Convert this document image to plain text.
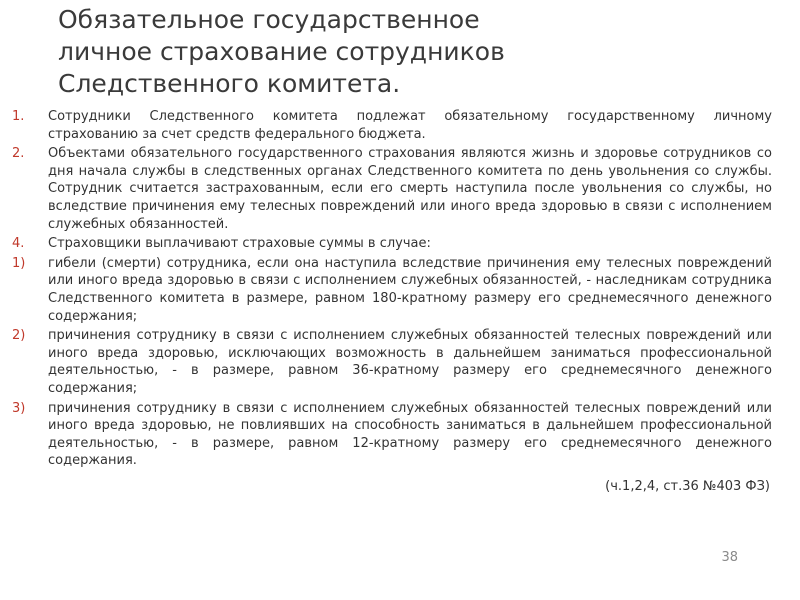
Обязательное государственное
личное страхование сотрудников
Следственного комитета.
1.	Сотрудники Следственного комитета подлежат обязательному государственному личному страхованию за счет средств федерального бюджета.
2.	Объектами обязательного государственного страхования являются жизнь и здоровье сотрудников со дня начала службы в следственных органах Следственного комитета по день увольнения со службы. Сотрудник считается застрахованным, если его смерть наступила после увольнения со службы, но вследствие причинения ему телесных повреждений или иного вреда здоровью в связи с исполнением служебных обязанностей.
4.	Страховщики выплачивают страховые суммы в случае:
1)	гибели (смерти) сотрудника, если она наступила вследствие причинения ему телесных повреждений или иного вреда здоровью в связи с исполнением служебных обязанностей, - наследникам сотрудника Следственного комитета в размере, равном 180-кратному размеру его среднемесячного денежного содержания;
2)	причинения сотруднику в связи с исполнением служебных обязанностей телесных повреждений или иного вреда здоровью, исключающих возможность в дальнейшем заниматься профессиональной деятельностью, - в размере, равном 36-кратному размеру его среднемесячного денежного содержания;
3)	причинения сотруднику в связи с исполнением служебных обязанностей телесных повреждений или иного вреда здоровью, не повлиявших на способность заниматься в дальнейшем профессиональной деятельностью, - в размере, равном 12-кратному размеру его среднемесячного денежного содержания.
(ч.1,2,4, ст.36 №403 ФЗ)
38
